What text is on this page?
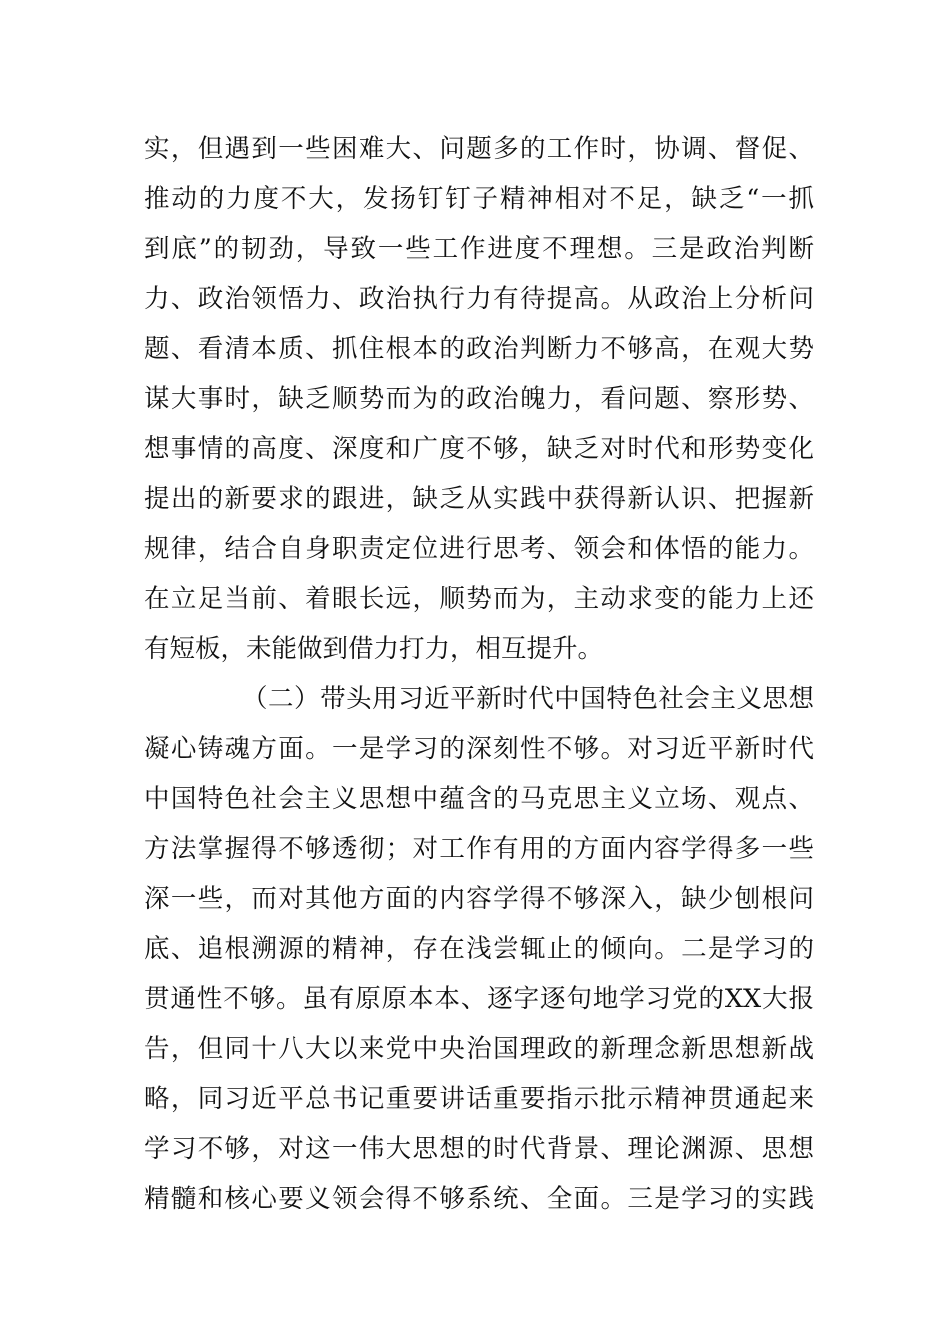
实，但遇到一些困难大、问题多的工作时，协调、督促、
推动的力度不大，发扬钉钉子精神相对不足，缺乏“一抓
到底”的韧劲，导致一些工作进度不理想。三是政治判断
力、政治领悟力、政治执行力有待提高。从政治上分析问
题、看清本质、抓住根本的政治判断力不够高，在观大势
谋大事时，缺乏顺势而为的政治魄力，看问题、察形势、
想事情的高度、深度和广度不够，缺乏对时代和形势变化
提出的新要求的跟进，缺乏从实践中获得新认识、把握新
规律，结合自身职责定位进行思考、领会和体悟的能力。
在立足当前、着眼长远，顺势而为，主动求变的能力上还
有短板，未能做到借力打力，相互提升。
（二）带头用习近平新时代中国特色社会主义思想
凝心铸魂方面。一是学习的深刻性不够。对习近平新时代
中国特色社会主义思想中蕴含的马克思主义立场、观点、
方法掌握得不够透彻；对工作有用的方面内容学得多一些
深一些，而对其他方面的内容学得不够深入，缺少刨根问
底、追根溯源的精神，存在浅尝辄止的倾向。二是学习的
贯通性不够。虽有原原本本、逐字逐句地学习党的XX大报
告，但同十八大以来党中央治国理政的新理念新思想新战
略，同习近平总书记重要讲话重要指示批示精神贯通起来
学习不够，对这一伟大思想的时代背景、理论渊源、思想
精髓和核心要义领会得不够系统、全面。三是学习的实践
